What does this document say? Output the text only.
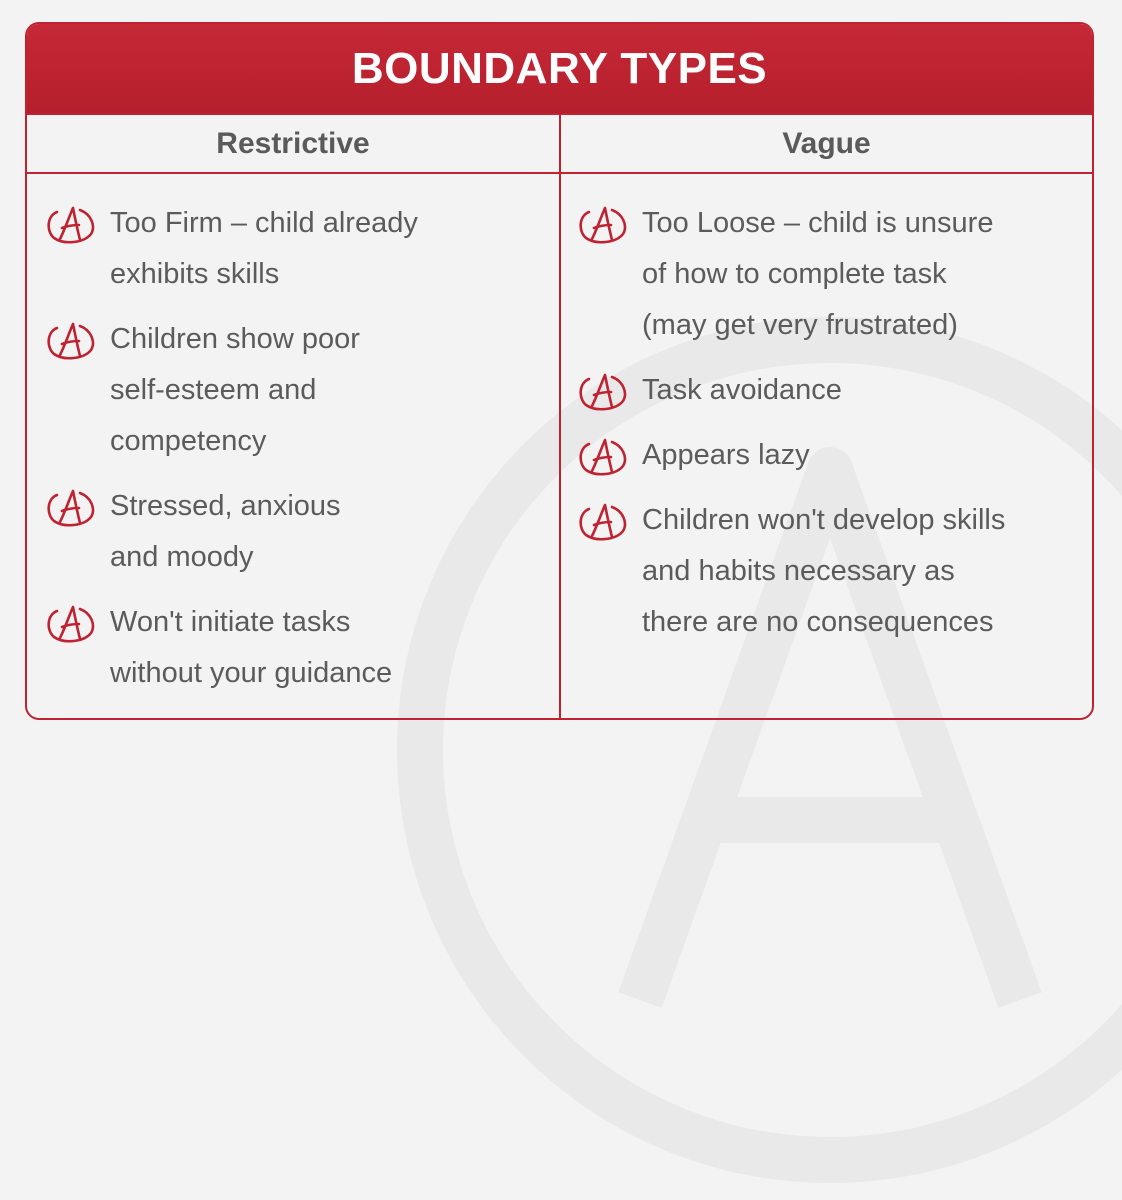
BOUNDARY TYPES
Restrictive
Too Firm – child already
exhibits skills
Children show poor
self-esteem and
competency
Stressed, anxious
and moody
Won't initiate tasks
without your guidance
Vague
Too Loose – child is unsure
of how to complete task
(may get very frustrated)
Task avoidance
Appears lazy
Children won't develop skills
and habits necessary as
there are no consequences
